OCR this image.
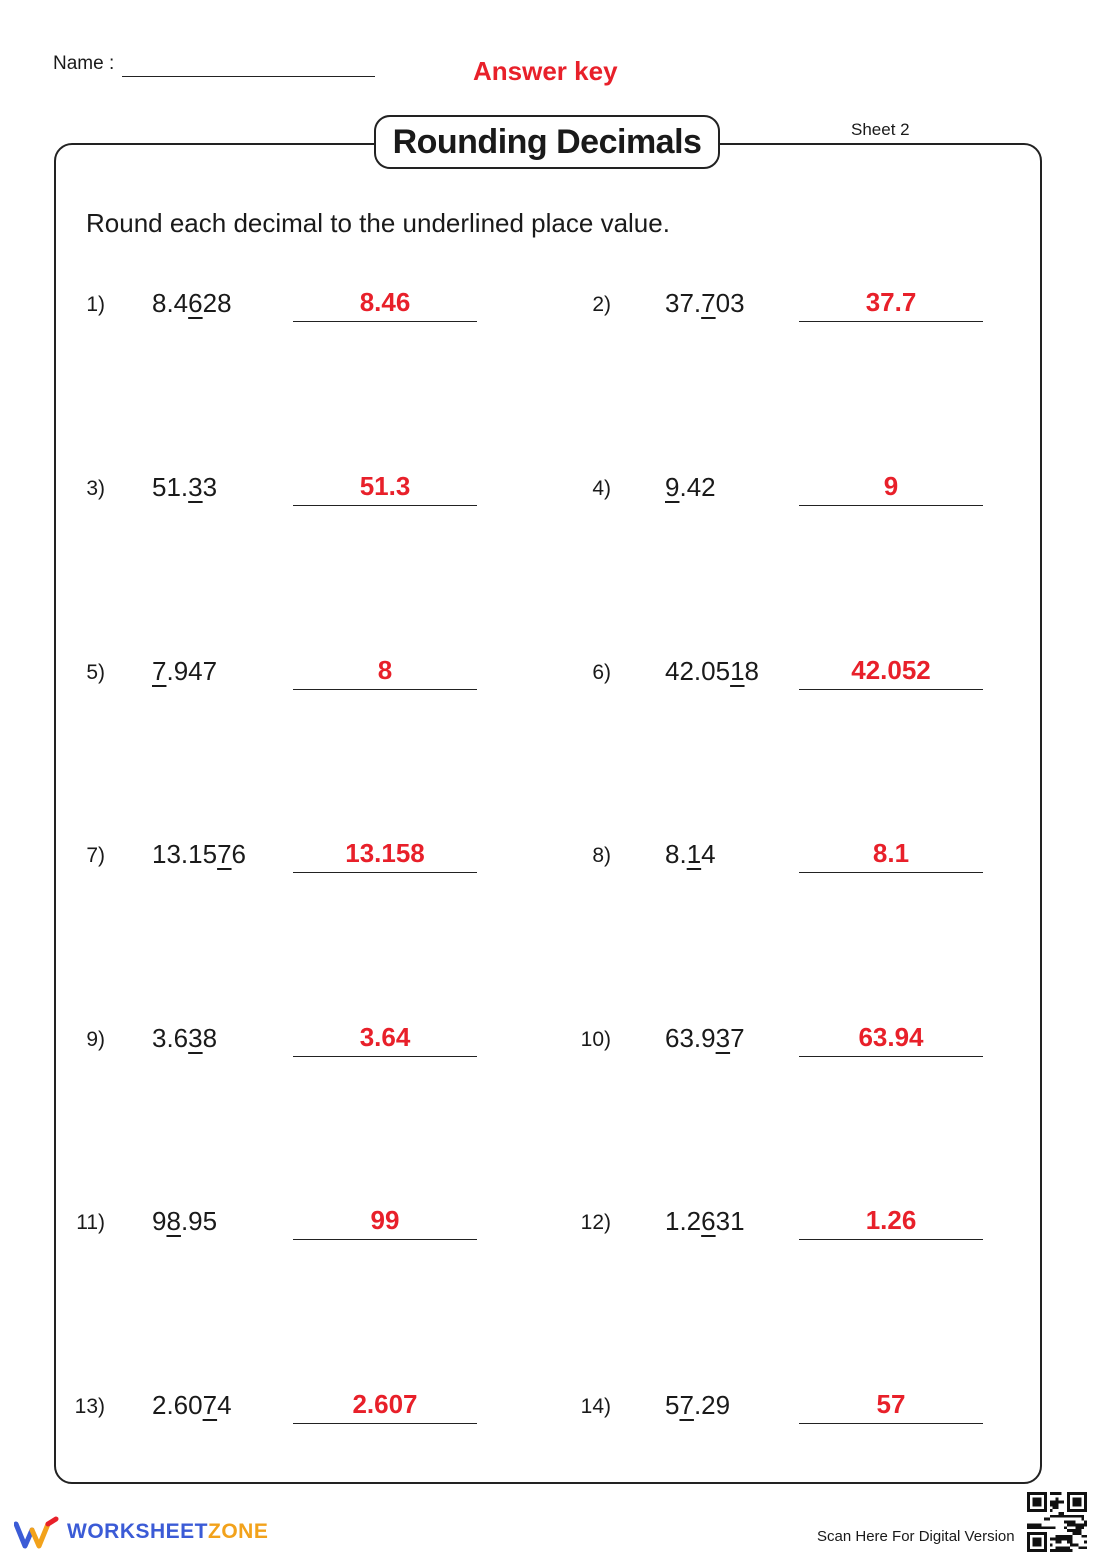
Name :	Answer key
Sheet 2
Rounding Decimals
Round each decimal to the underlined place value.
1) 8.4628	8.46	2) 37.703	37.7
3) 51.33	51.3	4) 9.42	9
5) 7.947	8	6) 42.0518	42.052
7) 13.1576	13.158	8) 8.14	8.1
9) 3.638	3.64	10) 63.937	63.94
11) 98.95	99	12) 1.2631	1.26
13) 2.6074	2.607	14) 57.29	57
WORKSHEETZONE	Scan Here For Digital Version
